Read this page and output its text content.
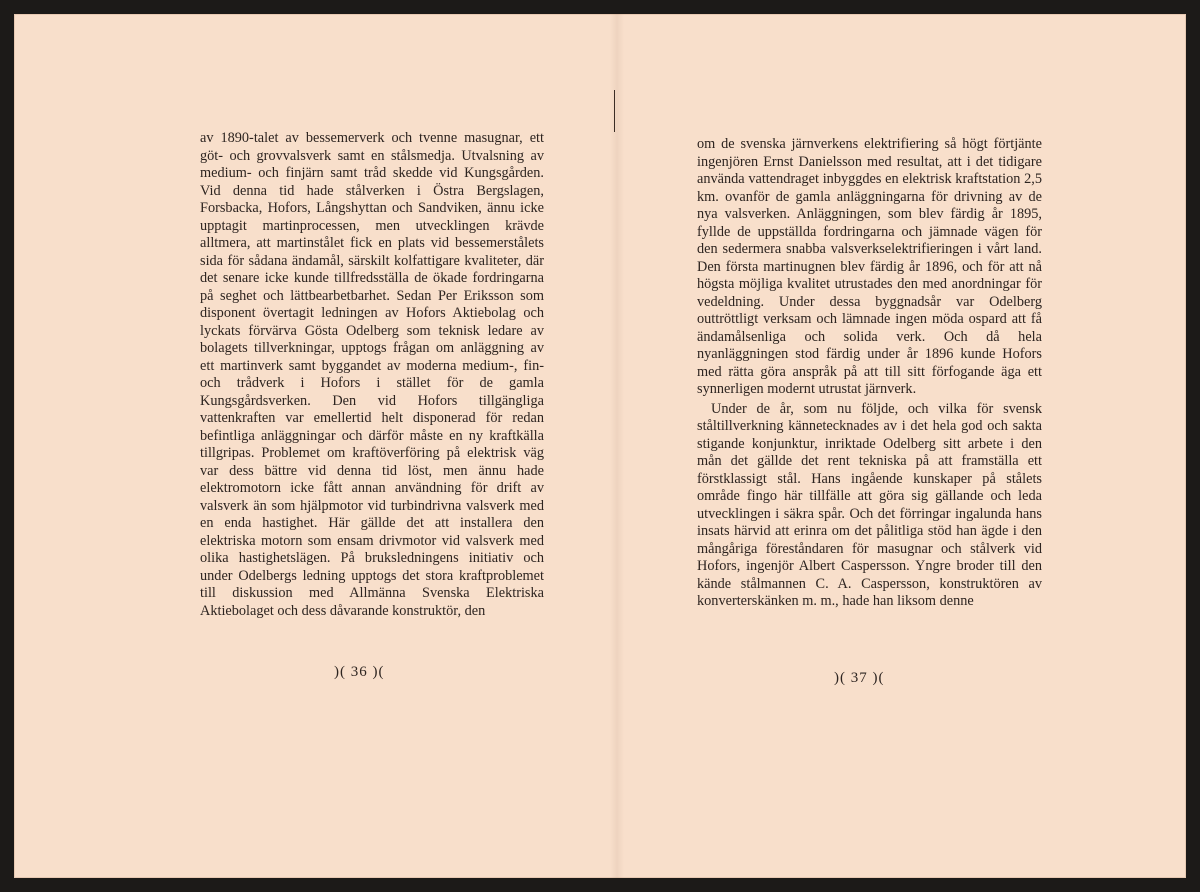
av 1890-talet av bessemerverk och tvenne masugnar, ett göt- och grovvalsverk samt en stålsmedja. Utvalsning av medium- och finjärn samt tråd skedde vid Kungsgården. Vid denna tid hade stålverken i Östra Bergslagen, Forsbacka, Hofors, Långshyttan och Sandviken, ännu icke upptagit martinprocessen, men utvecklingen krävde alltmera, att martinstålet fick en plats vid bessemerstålets sida för sådana ändamål, särskilt kolfattigare kvaliteter, där det senare icke kunde tillfredsställa de ökade fordringarna på seghet och lättbearbetbarhet. Sedan Per Eriksson som disponent övertagit ledningen av Hofors Aktiebolag och lyckats förvärva Gösta Odelberg som teknisk ledare av bolagets tillverkningar, upptogs frågan om anläggning av ett martinverk samt byggandet av moderna medium-, fin- och trådverk i Hofors i stället för de gamla Kungsgårdsverken. Den vid Hofors tillgängliga vattenkraften var emellertid helt disponerad för redan befintliga anläggningar och därför måste en ny kraftkälla tillgripas. Problemet om kraftöverföring på elektrisk väg var dess bättre vid denna tid löst, men ännu hade elektromotorn icke fått annan användning för drift av valsverk än som hjälpmotor vid turbindrivna valsverk med en enda hastighet. Här gällde det att installera den elektriska motorn som ensam drivmotor vid valsverk med olika hastighetslägen. På bruksledningens initiativ och under Odelbergs ledning upptogs det stora kraftproblemet till diskussion med Allmänna Svenska Elektriska Aktiebolaget och dess dåvarande konstruktör, den

)( 36 )(

om de svenska järnverkens elektrifiering så högt förtjänte ingenjören Ernst Danielsson med resultat, att i det tidigare använda vattendraget inbyggdes en elektrisk kraftstation 2,5 km. ovanför de gamla anläggningarna för drivning av de nya valsverken. Anläggningen, som blev färdig år 1895, fyllde de uppställda fordringarna och jämnade vägen för den sedermera snabba valsverkselektrifieringen i vårt land. Den första martinugnen blev färdig år 1896, och för att nå högsta möjliga kvalitet utrustades den med anordningar för vedeldning. Under dessa byggnadsår var Odelberg outtröttligt verksam och lämnade ingen möda ospard att få ändamålsenliga och solida verk. Och då hela nyanläggningen stod färdig under år 1896 kunde Hofors med rätta göra anspråk på att till sitt förfogande äga ett synnerligen modernt utrustat järnverk.

Under de år, som nu följde, och vilka för svensk ståltillverkning kännetecknades av i det hela god och sakta stigande konjunktur, inriktade Odelberg sitt arbete i den mån det gällde det rent tekniska på att framställa ett förstklassigt stål. Hans ingående kunskaper på stålets område fingo här tillfälle att göra sig gällande och leda utvecklingen i säkra spår. Och det förringar ingalunda hans insats härvid att erinra om det pålitliga stöd han ägde i den mångåriga föreståndaren för masugnar och stålverk vid Hofors, ingenjör Albert Caspersson. Yngre broder till den kände stålmannen C. A. Caspersson, konstruktören av konverterskänken m. m., hade han liksom denne

)( 37 )(
